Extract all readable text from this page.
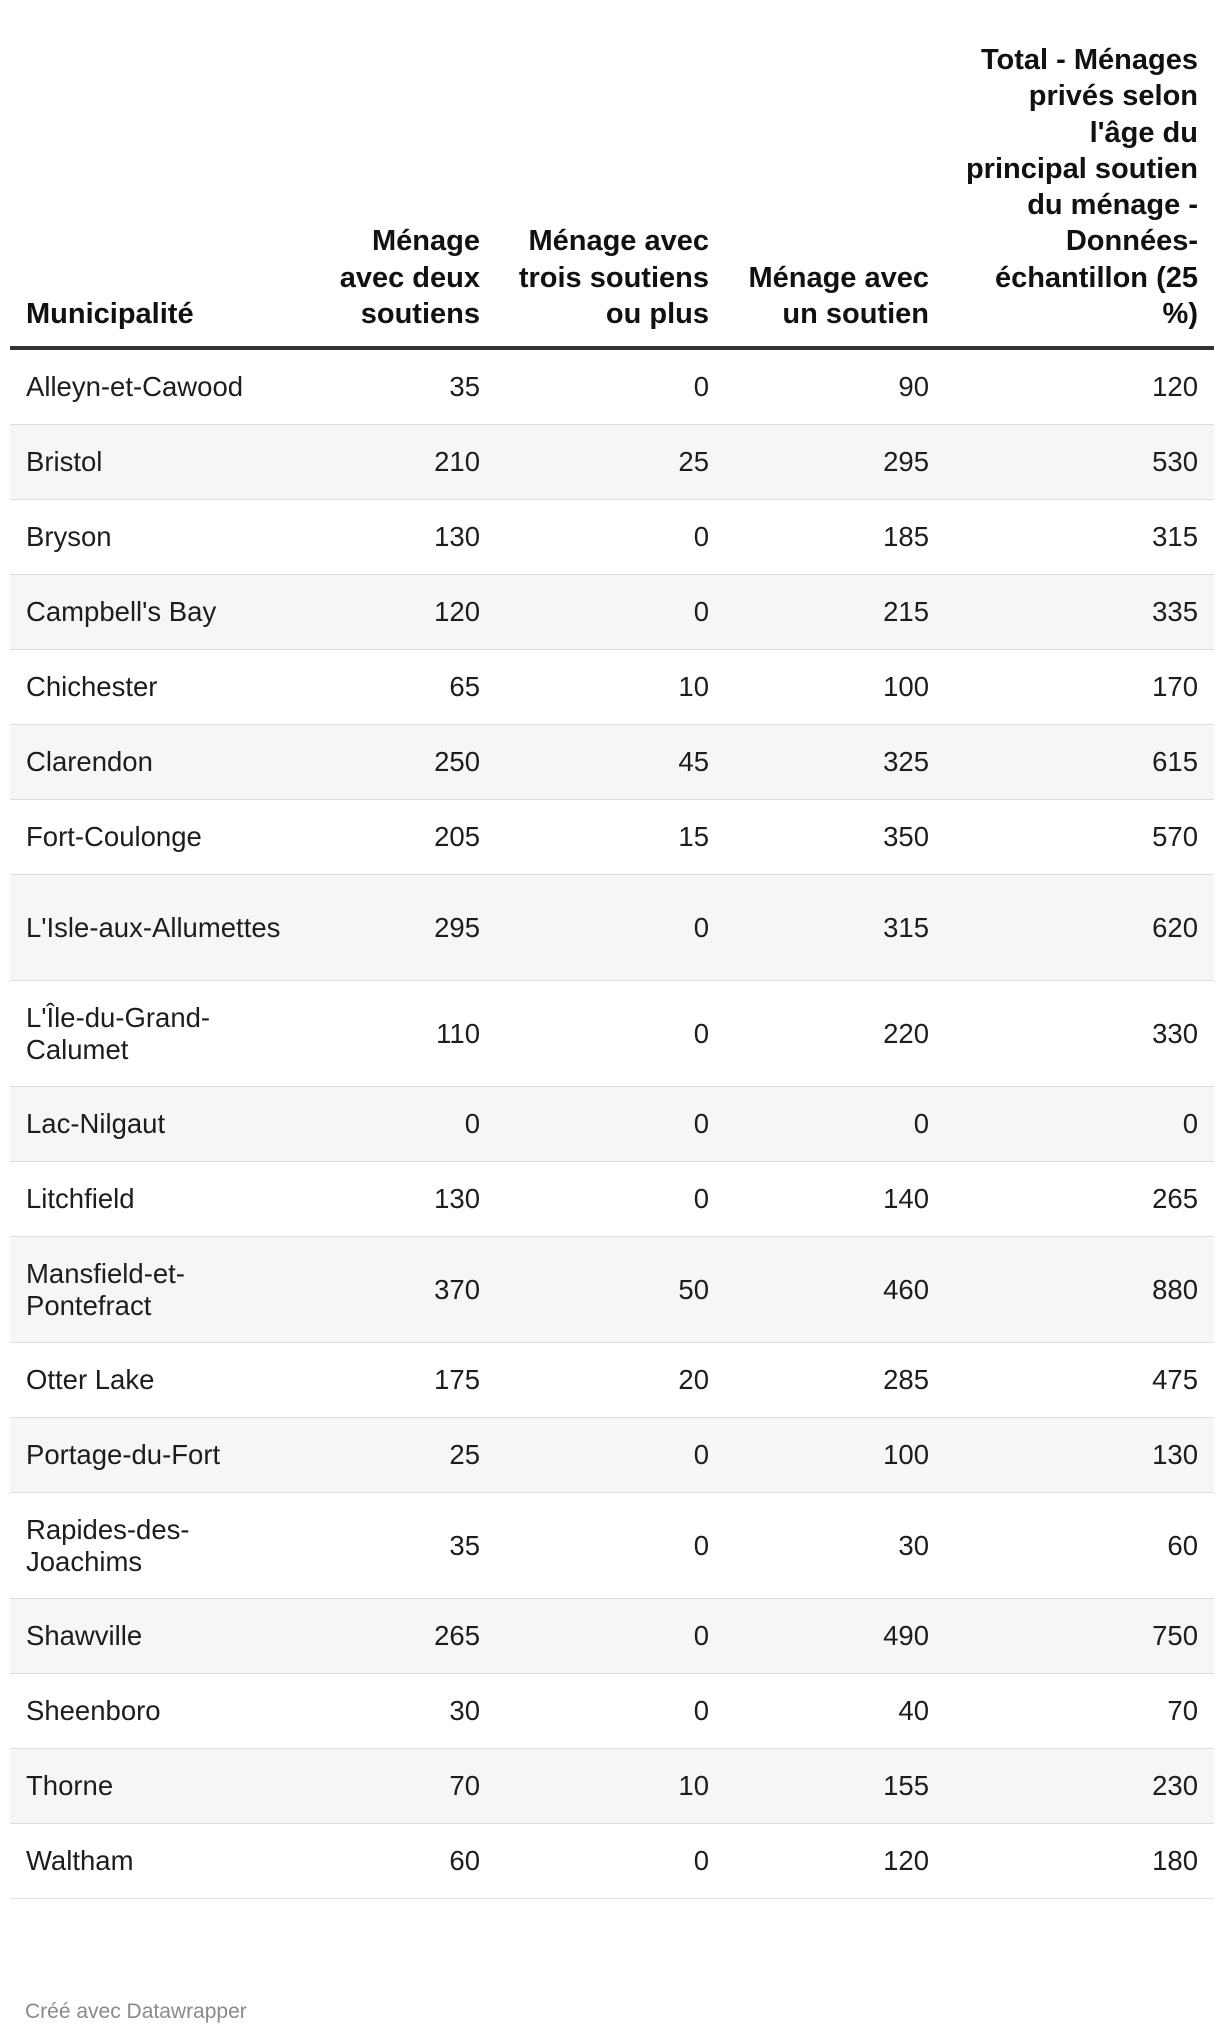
Municipalité	Ménage avec deux soutiens	Ménage avec trois soutiens ou plus	Ménage avec un soutien	Total - Ménages privés selon l'âge du principal soutien du ménage - Données-échantillon (25 %)

Alleyn-et-Cawood	35	0	90	120
Bristol	210	25	295	530
Bryson	130	0	185	315
Campbell's Bay	120	0	215	335
Chichester	65	10	100	170
Clarendon	250	45	325	615
Fort-Coulonge	205	15	350	570
L'Isle-aux-Allumettes	295	0	315	620
L'Île-du-Grand-Calumet	110	0	220	330
Lac-Nilgaut	0	0	0	0
Litchfield	130	0	140	265
Mansfield-et-Pontefract	370	50	460	880
Otter Lake	175	20	285	475
Portage-du-Fort	25	0	100	130
Rapides-des-Joachims	35	0	30	60
Shawville	265	0	490	750
Sheenboro	30	0	40	70
Thorne	70	10	155	230
Waltham	60	0	120	180
Créé avec Datawrapper
